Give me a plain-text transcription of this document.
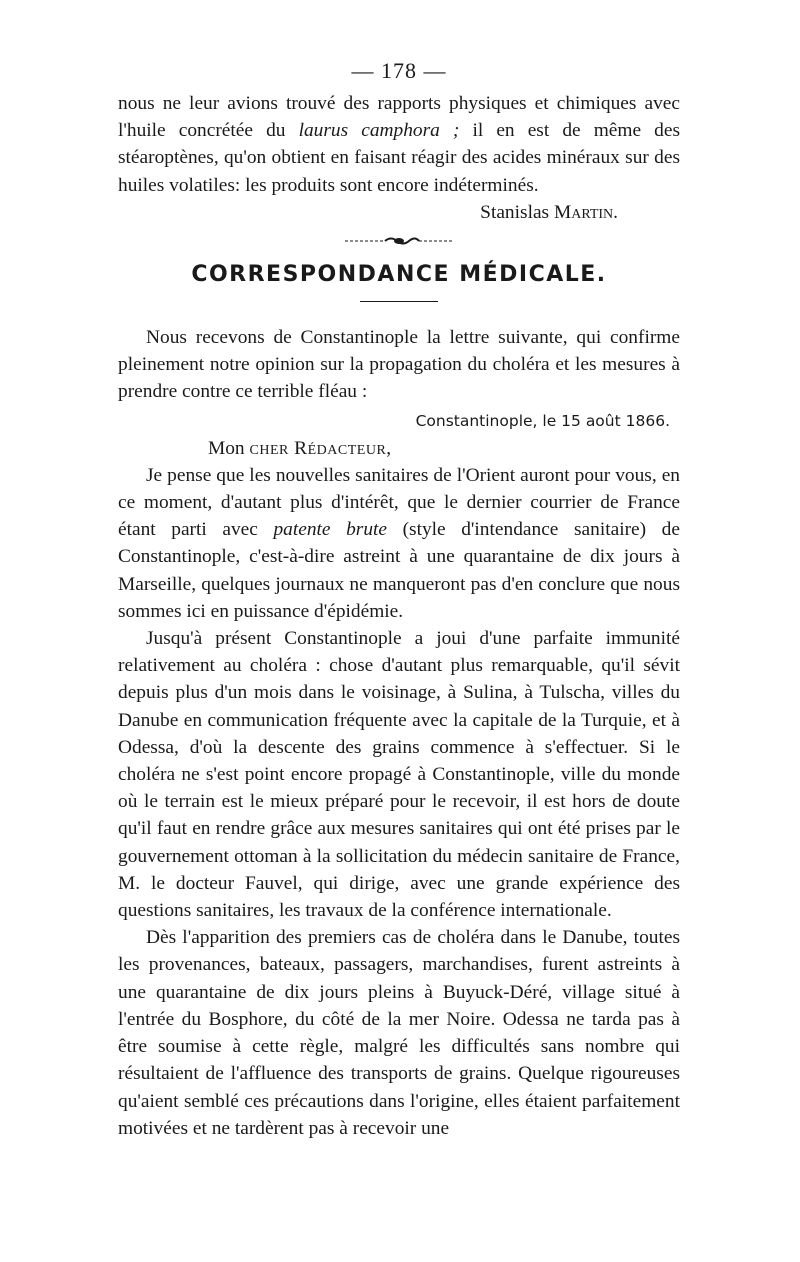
— 178 —

nous ne leur avions trouvé des rapports physiques et chimiques avec l'huile concrétée du laurus camphora ; il en est de même des stéaroptènes, qu'on obtient en faisant réagir des acides minéraux sur des huiles volatiles: les produits sont encore indéterminés.

Stanislas Martin.
CORRESPONDANCE MÉDICALE.

Nous recevons de Constantinople la lettre suivante, qui confirme pleinement notre opinion sur la propagation du choléra et les mesures à prendre contre ce terrible fléau :

Constantinople, le 15 août 1866.
Mon cher Rédacteur,

Je pense que les nouvelles sanitaires de l'Orient auront pour vous, en ce moment, d'autant plus d'intérêt, que le dernier courrier de France étant parti avec patente brute (style d'intendance sanitaire) de Constantinople, c'est-à-dire astreint à une quarantaine de dix jours à Marseille, quelques journaux ne manqueront pas d'en conclure que nous sommes ici en puissance d'épidémie.

Jusqu'à présent Constantinople a joui d'une parfaite immunité relativement au choléra : chose d'autant plus remarquable, qu'il sévit depuis plus d'un mois dans le voisinage, à Sulina, à Tulscha, villes du Danube en communication fréquente avec la capitale de la Turquie, et à Odessa, d'où la descente des grains commence à s'effectuer. Si le choléra ne s'est point encore propagé à Constantinople, ville du monde où le terrain est le mieux préparé pour le recevoir, il est hors de doute qu'il faut en rendre grâce aux mesures sanitaires qui ont été prises par le gouvernement ottoman à la sollicitation du médecin sanitaire de France, M. le docteur Fauvel, qui dirige, avec une grande expérience des questions sanitaires, les travaux de la conférence internationale.

Dès l'apparition des premiers cas de choléra dans le Danube, toutes les provenances, bateaux, passagers, marchandises, furent astreints à une quarantaine de dix jours pleins à Buyuck-Déré, village situé à l'entrée du Bosphore, du côté de la mer Noire. Odessa ne tarda pas à être soumise à cette règle, malgré les difficultés sans nombre qui résultaient de l'affluence des transports de grains. Quelque rigoureuses qu'aient semblé ces précautions dans l'origine, elles étaient parfaitement motivées et ne tardèrent pas à recevoir une
